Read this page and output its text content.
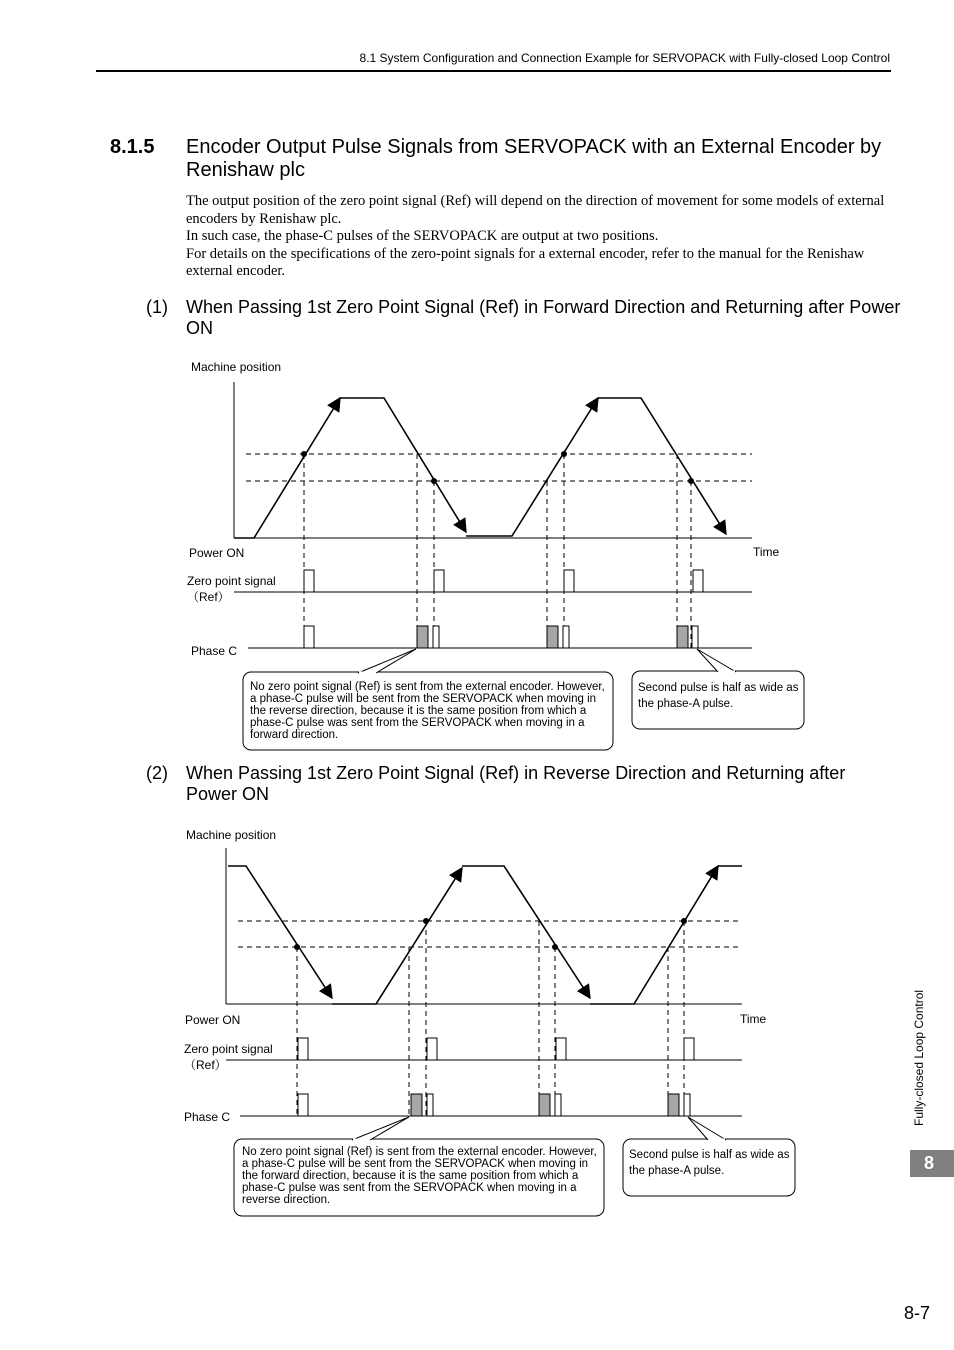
8.1 System Configuration and Connection Example for SERVOPACK with Fully-closed Loop Control
8.1.5 Encoder Output Pulse Signals from SERVOPACK with an External Encoder by Renishaw plc
The output position of the zero point signal (Ref) will depend on the direction of movement for some models of external encoders by Renishaw plc.
In such case, the phase-C pulses of the SERVOPACK are output at two positions.
For details on the specifications of the zero-point signals for a external encoder, refer to the manual for the Renishaw external encoder.
(1) When Passing 1st Zero Point Signal (Ref) in Forward Direction and Returning after Power ON
Machine position
Power ON	Time
Zero point signal
（Ref）
Phase C
No zero point signal (Ref) is sent from the external encoder. However, a phase-C pulse will be sent from the SERVOPACK when moving in the reverse direction, because it is the same position from which a phase-C pulse was sent from the SERVOPACK when moving in a forward direction.
Second pulse is half as wide as the phase-A pulse.
(2) When Passing 1st Zero Point Signal (Ref) in Reverse Direction and Returning after Power ON
Machine position
Power ON	Time
Zero point signal
（Ref）
Phase C
No zero point signal (Ref) is sent from the external encoder. However, a phase-C pulse will be sent from the SERVOPACK when moving in the forward direction, because it is the same position from which a phase-C pulse was sent from the SERVOPACK when moving in a reverse direction.
Second pulse is half as wide as the phase-A pulse.
Fully-closed Loop Control
8
8-7
